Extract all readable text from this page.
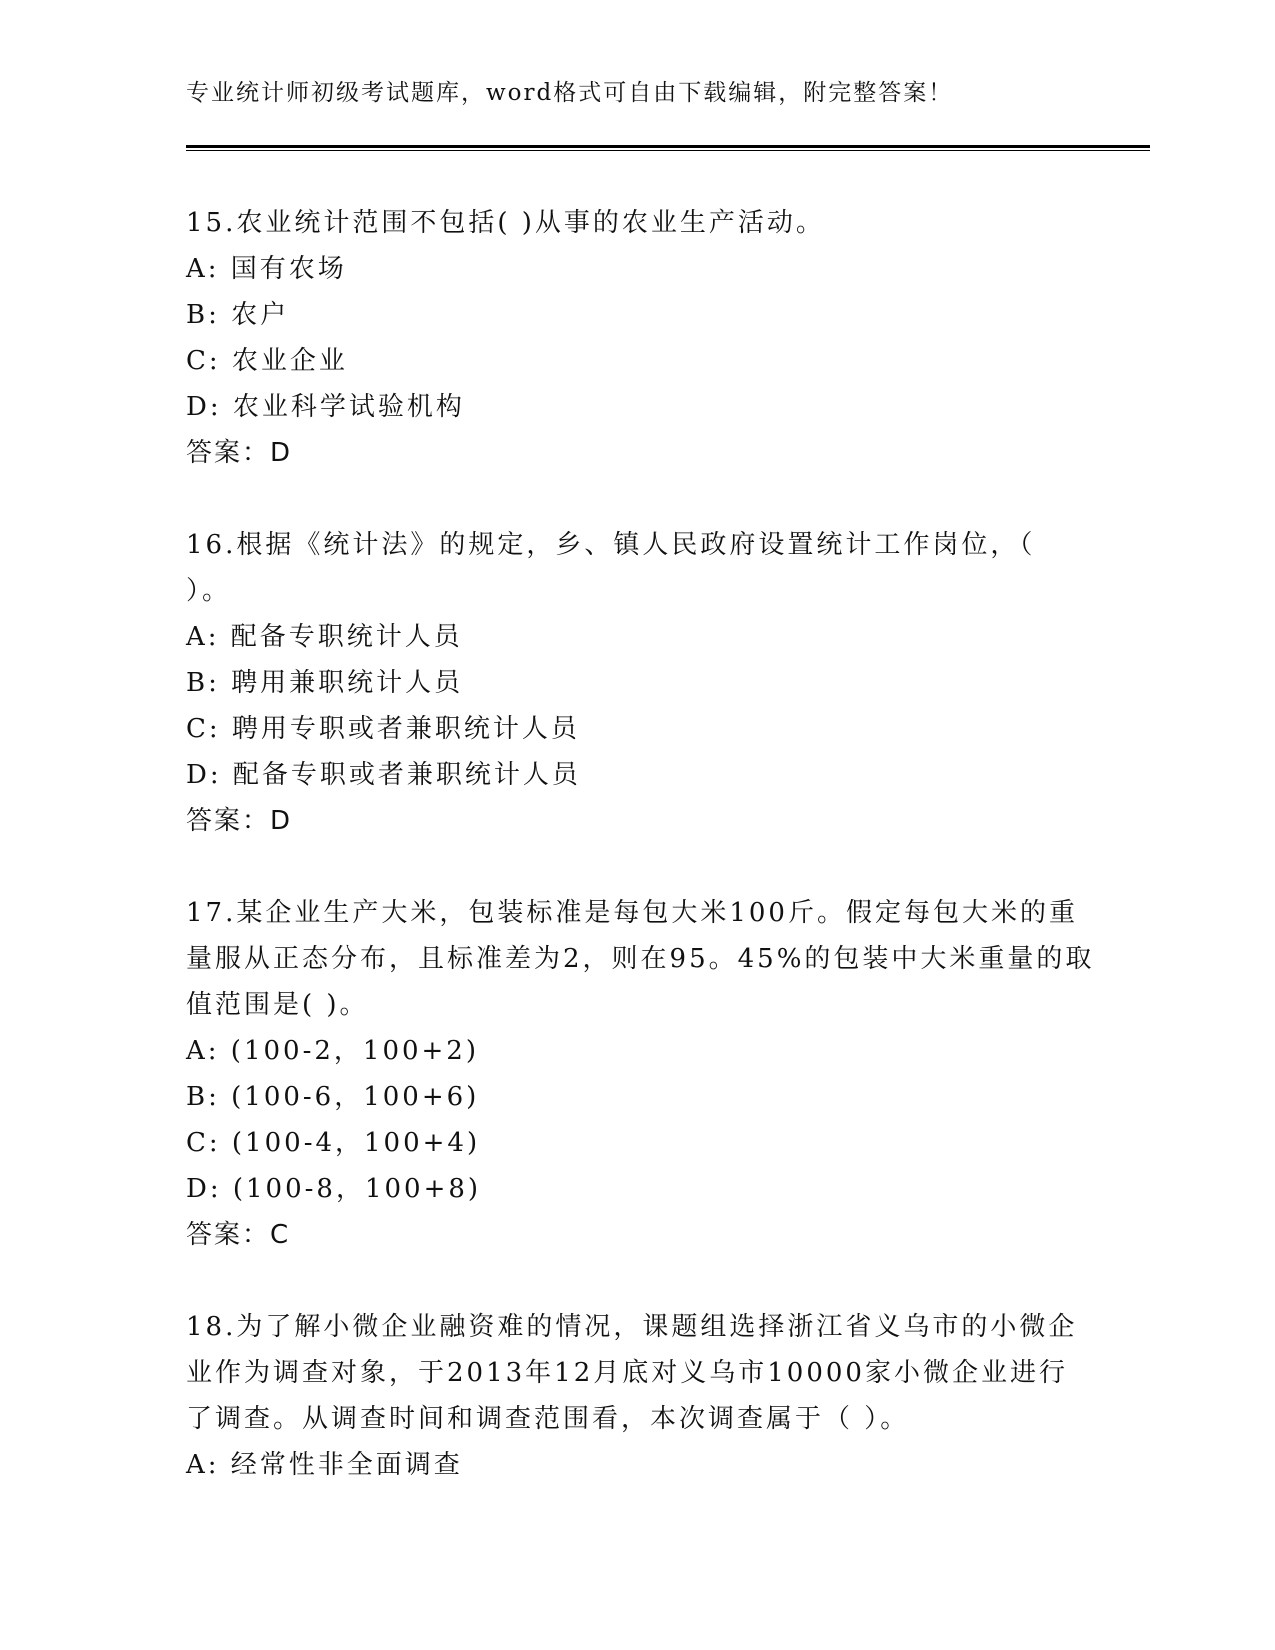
专业统计师初级考试题库，word格式可自由下载编辑，附完整答案！
15.农业统计范围不包括( )从事的农业生产活动。
A: 国有农场
B: 农户
C: 农业企业
D: 农业科学试验机构
答案：D
16.根据《统计法》的规定，乡、镇人民政府设置统计工作岗位，（
）。
A: 配备专职统计人员
B: 聘用兼职统计人员
C: 聘用专职或者兼职统计人员
D: 配备专职或者兼职统计人员
答案：D
17.某企业生产大米，包装标准是每包大米100斤。假定每包大米的重
量服从正态分布，且标准差为2，则在95。45%的包装中大米重量的取
值范围是( )。
A: (100-2，100+2)
B: (100-6，100+6)
C: (100-4，100+4)
D: (100-8，100+8)
答案：C
18.为了解小微企业融资难的情况，课题组选择浙江省义乌市的小微企
业作为调查对象，于2013年12月底对义乌市10000家小微企业进行
了调查。从调查时间和调查范围看，本次调查属于（ ）。
A: 经常性非全面调查
